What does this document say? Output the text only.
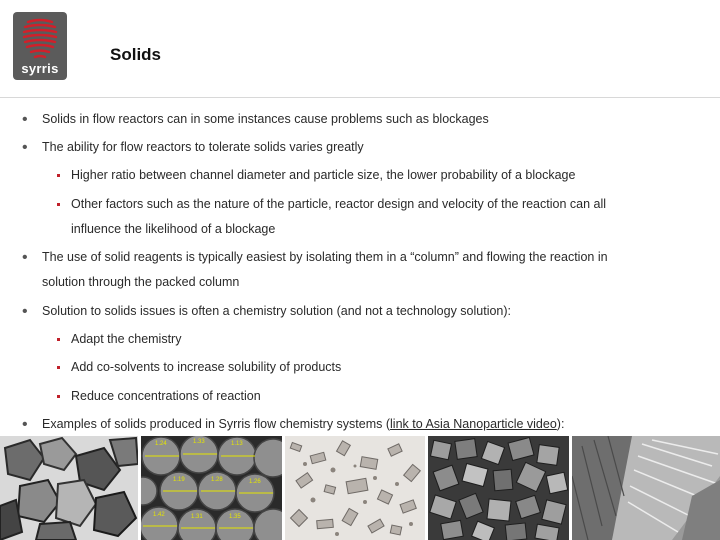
syrris
Solids
• Solids in flow reactors can in some instances cause problems such as blockages
• The ability for flow reactors to tolerate solids varies greatly
Higher ratio between channel diameter and particle size, the lower probability of a blockage
Other factors such as the nature of the particle, reactor design and velocity of the reaction can all
influence the likelihood of a blockage
• The use of solid reagents is typically easiest by isolating them in a “column” and flowing the reaction in
solution through the packed column
• Solution to solids issues is often a chemistry solution (and not a technology solution):
Adapt the chemistry
Add co-solvents to increase solubility of products
Reduce concentrations of reaction
• Examples of solids produced in Syrris flow chemistry systems (link to Asia Nanoparticle video):
1.24	1.33	1.13
1.19	1.28	1.26
1.42	1.31	1.35
